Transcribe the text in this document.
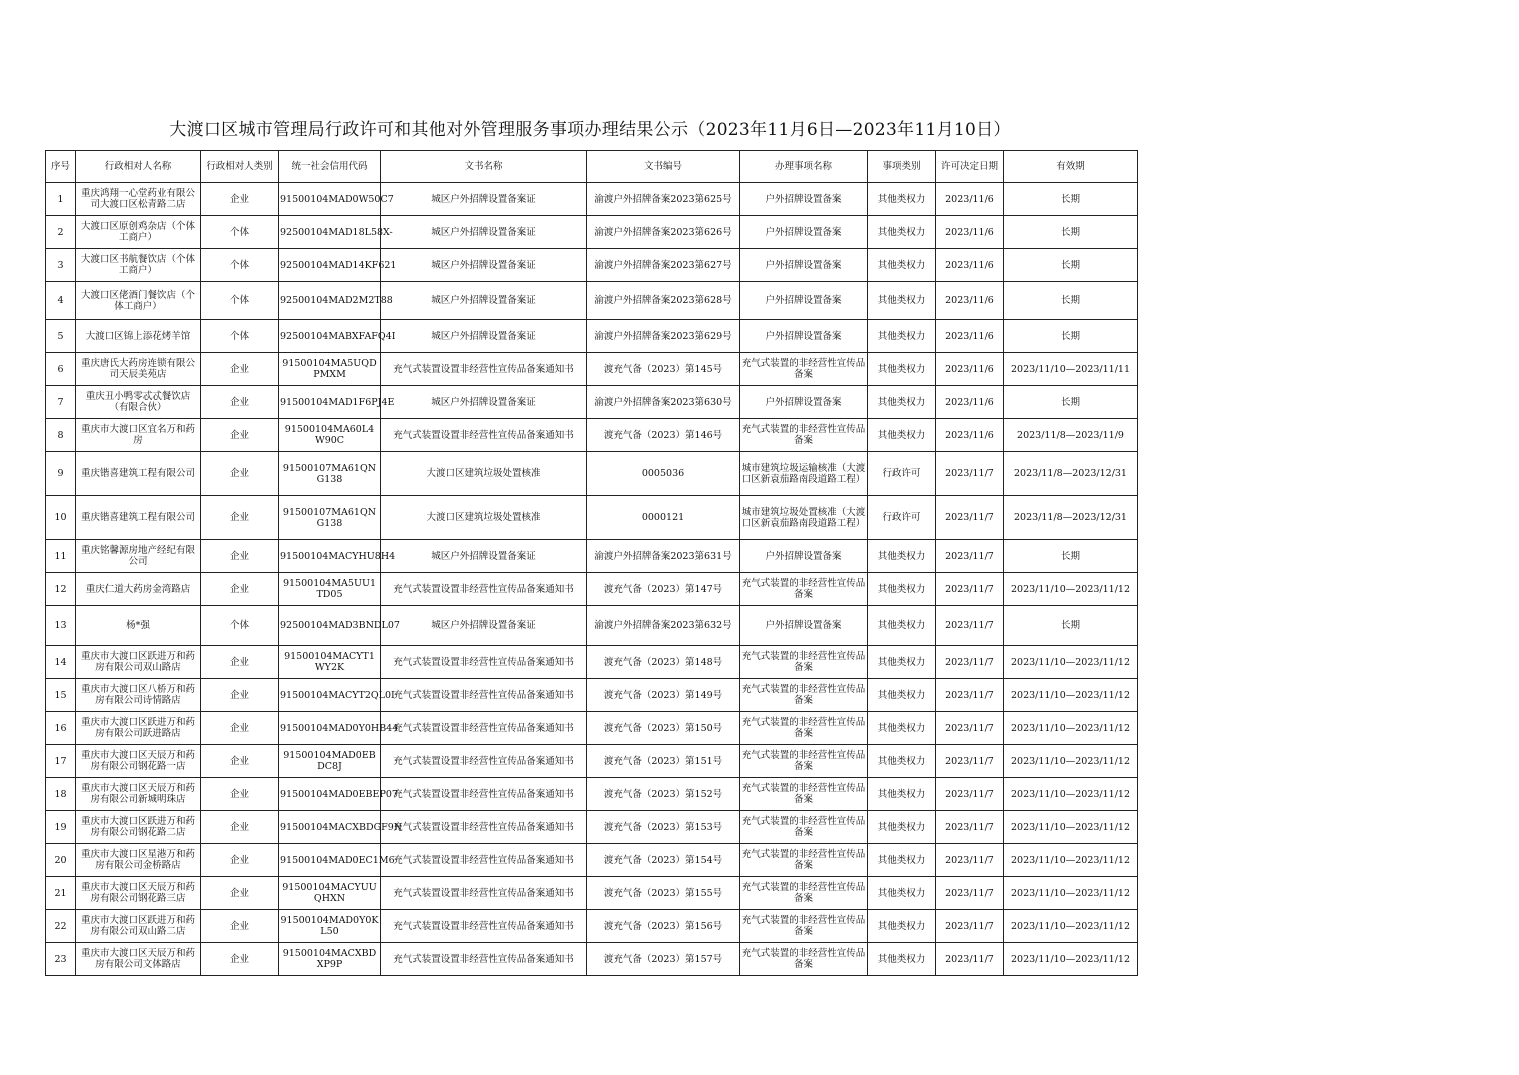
大渡口区城市管理局行政许可和其他对外管理服务事项办理结果公示（2023年11月6日—2023年11月10日）
序号	行政相对人名称	行政相对人类别	统一社会信用代码	文书名称	文书编号	办理事项名称	事项类别	许可决定日期	有效期
1	重庆鸿翔一心堂药业有限公司大渡口区松青路二店	企业	91500104MAD0W50C7	城区户外招牌设置备案证	渝渡户外招牌备案2023第625号	户外招牌设置备案	其他类权力	2023/11/6	长期
2	大渡口区原创鸡杂店（个体工商户）	个体	92500104MAD18L58X-	城区户外招牌设置备案证	渝渡户外招牌备案2023第626号	户外招牌设置备案	其他类权力	2023/11/6	长期
3	大渡口区书航餐饮店（个体工商户）	个体	92500104MAD14KF621	城区户外招牌设置备案证	渝渡户外招牌备案2023第627号	户外招牌设置备案	其他类权力	2023/11/6	长期
4	大渡口区佬酒门餐饮店（个体工商户）	个体	92500104MAD2M2T88	城区户外招牌设置备案证	渝渡户外招牌备案2023第628号	户外招牌设置备案	其他类权力	2023/11/6	长期
5	大渡口区锦上添花烤羊馆	个体	92500104MABXFAFQ4I	城区户外招牌设置备案证	渝渡户外招牌备案2023第629号	户外招牌设置备案	其他类权力	2023/11/6	长期
6	重庆唐氏大药房连锁有限公司天辰美苑店	企业	91500104MA5UQDPMXM	充气式装置设置非经营性宣传品备案通知书	渡充气备（2023）第145号	充气式装置的非经营性宣传品备案	其他类权力	2023/11/6	2023/11/10—2023/11/11
7	重庆丑小鸭零忒忒餐饮店（有限合伙）	企业	91500104MAD1F6PJ4E	城区户外招牌设置备案证	渝渡户外招牌备案2023第630号	户外招牌设置备案	其他类权力	2023/11/6	长期
8	重庆市大渡口区宜名万和药房	企业	91500104MA60L4W90C	充气式装置设置非经营性宣传品备案通知书	渡充气备（2023）第146号	充气式装置的非经营性宣传品备案	其他类权力	2023/11/6	2023/11/8—2023/11/9
9	重庆锴喜建筑工程有限公司	企业	91500107MA61QNG138	大渡口区建筑垃圾处置核准	0005036	城市建筑垃圾运输核准（大渡口区新袁茄路南段道路工程）	行政许可	2023/11/7	2023/11/8—2023/12/31
10	重庆锴喜建筑工程有限公司	企业	91500107MA61QNG138	大渡口区建筑垃圾处置核准	0000121	城市建筑垃圾处置核准（大渡口区新袁茄路南段道路工程）	行政许可	2023/11/7	2023/11/8—2023/12/31
11	重庆铭馨源房地产经纪有限公司	企业	91500104MACYHU8H4	城区户外招牌设置备案证	渝渡户外招牌备案2023第631号	户外招牌设置备案	其他类权力	2023/11/7	长期
12	重庆仁道大药房金湾路店	企业	91500104MA5UU1TD05	充气式装置设置非经营性宣传品备案通知书	渡充气备（2023）第147号	充气式装置的非经营性宣传品备案	其他类权力	2023/11/7	2023/11/10—2023/11/12
13	杨*强	个体	92500104MAD3BNDL07	城区户外招牌设置备案证	渝渡户外招牌备案2023第632号	户外招牌设置备案	其他类权力	2023/11/7	长期
14	重庆市大渡口区跃进万和药房有限公司双山路店	企业	91500104MACYT1WY2K	充气式装置设置非经营性宣传品备案通知书	渡充气备（2023）第148号	充气式装置的非经营性宣传品备案	其他类权力	2023/11/7	2023/11/10—2023/11/12
15	重庆市大渡口区八桥万和药房有限公司诗情路店	企业	91500104MACYT2QL0I	充气式装置设置非经营性宣传品备案通知书	渡充气备（2023）第149号	充气式装置的非经营性宣传品备案	其他类权力	2023/11/7	2023/11/10—2023/11/12
16	重庆市大渡口区跃进万和药房有限公司跃进路店	企业	91500104MAD0Y0HB44	充气式装置设置非经营性宣传品备案通知书	渡充气备（2023）第150号	充气式装置的非经营性宣传品备案	其他类权力	2023/11/7	2023/11/10—2023/11/12
17	重庆市大渡口区天辰万和药房有限公司钢花路一店	企业	91500104MAD0EBDC8J	充气式装置设置非经营性宣传品备案通知书	渡充气备（2023）第151号	充气式装置的非经营性宣传品备案	其他类权力	2023/11/7	2023/11/10—2023/11/12
18	重庆市大渡口区天辰万和药房有限公司新城明珠店	企业	91500104MAD0EBEP07	充气式装置设置非经营性宣传品备案通知书	渡充气备（2023）第152号	充气式装置的非经营性宣传品备案	其他类权力	2023/11/7	2023/11/10—2023/11/12
19	重庆市大渡口区跃进万和药房有限公司钢花路二店	企业	91500104MACXBDGF9N	充气式装置设置非经营性宣传品备案通知书	渡充气备（2023）第153号	充气式装置的非经营性宣传品备案	其他类权力	2023/11/7	2023/11/10—2023/11/12
20	重庆市大渡口区星港万和药房有限公司金桥路店	企业	91500104MAD0EC1M6	充气式装置设置非经营性宣传品备案通知书	渡充气备（2023）第154号	充气式装置的非经营性宣传品备案	其他类权力	2023/11/7	2023/11/10—2023/11/12
21	重庆市大渡口区天辰万和药房有限公司钢花路三店	企业	91500104MACYUUQHXN	充气式装置设置非经营性宣传品备案通知书	渡充气备（2023）第155号	充气式装置的非经营性宣传品备案	其他类权力	2023/11/7	2023/11/10—2023/11/12
22	重庆市大渡口区跃进万和药房有限公司双山路二店	企业	91500104MAD0Y0KL50	充气式装置设置非经营性宣传品备案通知书	渡充气备（2023）第156号	充气式装置的非经营性宣传品备案	其他类权力	2023/11/7	2023/11/10—2023/11/12
23	重庆市大渡口区天辰万和药房有限公司文体路店	企业	91500104MACXBDXP9P	充气式装置设置非经营性宣传品备案通知书	渡充气备（2023）第157号	充气式装置的非经营性宣传品备案	其他类权力	2023/11/7	2023/11/10—2023/11/12
